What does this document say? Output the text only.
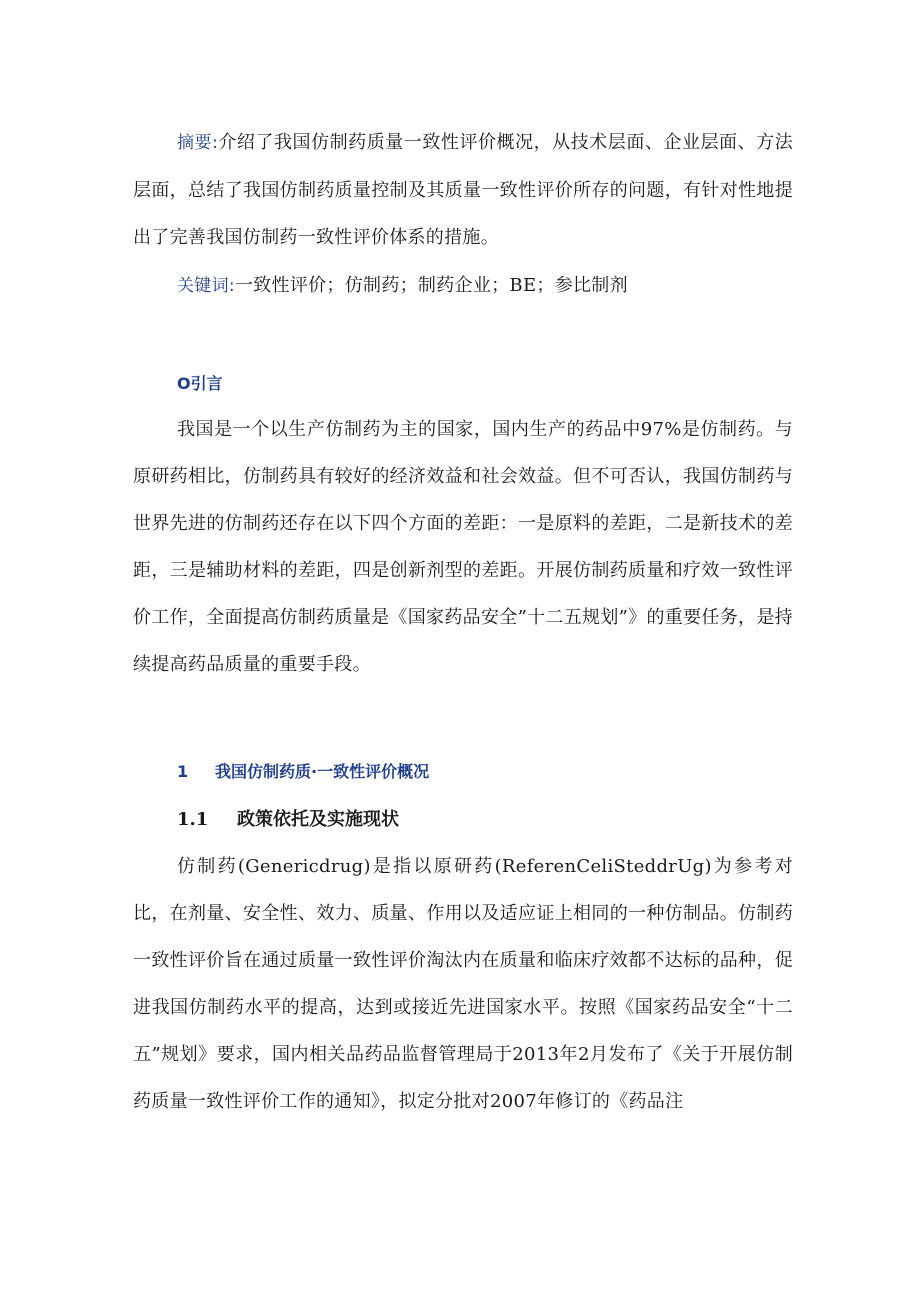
摘要:介绍了我国仿制药质量一致性评价概况，从技术层面、企业层面、方法层面，总结了我国仿制药质量控制及其质量一致性评价所存的问题，有针对性地提出了完善我国仿制药一致性评价体系的措施。

关键词:一致性评价；仿制药；制药企业；BE；参比制剂

O引言

我国是一个以生产仿制药为主的国家，国内生产的药品中97%是仿制药。与原研药相比，仿制药具有较好的经济效益和社会效益。但不可否认，我国仿制药与世界先进的仿制药还存在以下四个方面的差距：一是原料的差距，二是新技术的差距，三是辅助材料的差距，四是创新剂型的差距。开展仿制药质量和疗效一致性评价工作，全面提高仿制药质量是《国家药品安全”十二五规划”》的重要任务，是持续提高药品质量的重要手段。

1 我国仿制药质·一致性评价概况
1.1 政策依托及实施现状

仿制药(Genericdrug)是指以原研药(ReferenCeliSteddrUg)为参考对比，在剂量、安全性、效力、质量、作用以及适应证上相同的一种仿制品。仿制药一致性评价旨在通过质量一致性评价淘汰内在质量和临床疗效都不达标的品种，促进我国仿制药水平的提高，达到或接近先进国家水平。按照《国家药品安全“十二五”规划》要求，国内相关品药品监督管理局于2013年2月发布了《关于开展仿制药质量一致性评价工作的通知》，拟定分批对2007年修订的《药品注
